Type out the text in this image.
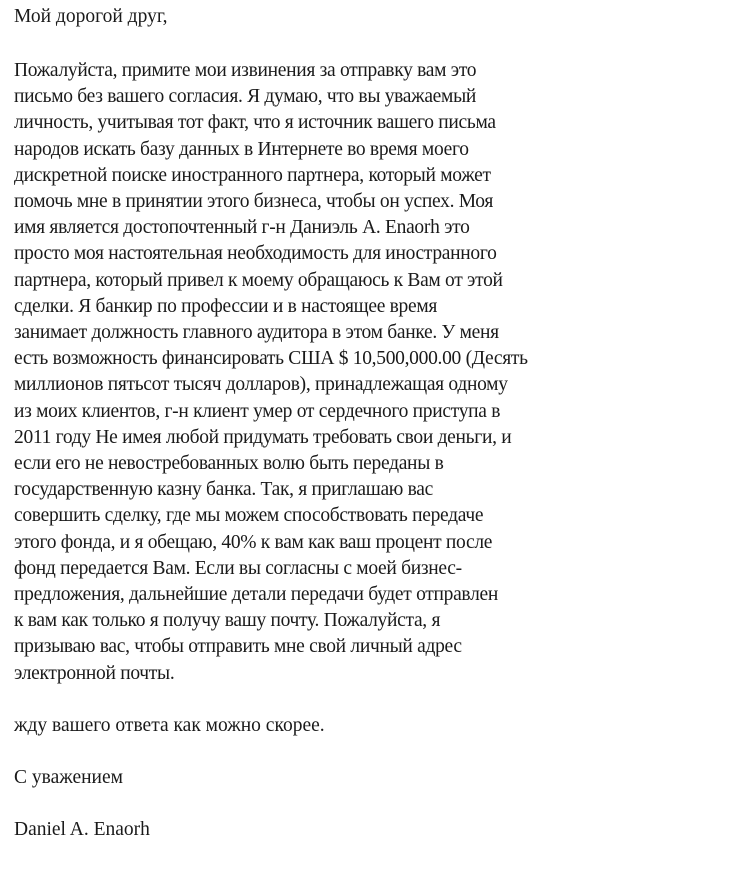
Мой дорогой друг,

Пожалуйста, примите мои извинения за отправку вам это
письмо без вашего согласия. Я думаю, что вы уважаемый
личность, учитывая тот факт, что я источник вашего письма
народов искать базу данных в Интернете во время моего
дискретной поиске иностранного партнера, который может
помочь мне в принятии этого бизнеса, чтобы он успех. Моя
имя является достопочтенный г-н Даниэль А. Enaorh это
просто моя настоятельная необходимость для иностранного
партнера, который привел к моему обращаюсь к Вам от этой
сделки. Я банкир по профессии и в настоящее время
занимает должность главного аудитора в этом банке. У меня
есть возможность финансировать США $ 10,500,000.00 (Десять
миллионов пятьсот тысяч долларов), принадлежащая одному
из моих клиентов, г-н клиент умер от сердечного приступа в
2011 году Не имея любой придумать требовать свои деньги, и
если его не невостребованных волю быть переданы в
государственную казну банка. Так, я приглашаю вас
совершить сделку, где мы можем способствовать передаче
этого фонда, и я обещаю, 40% к вам как ваш процент после
фонд передается Вам. Если вы согласны с моей бизнес-
предложения, дальнейшие детали передачи будет отправлен
к вам как только я получу вашу почту. Пожалуйста, я
призываю вас, чтобы отправить мне свой личный адрес
электронной почты.
жду вашего ответа как можно скорее.
С уважением
Daniel A. Enaorh
